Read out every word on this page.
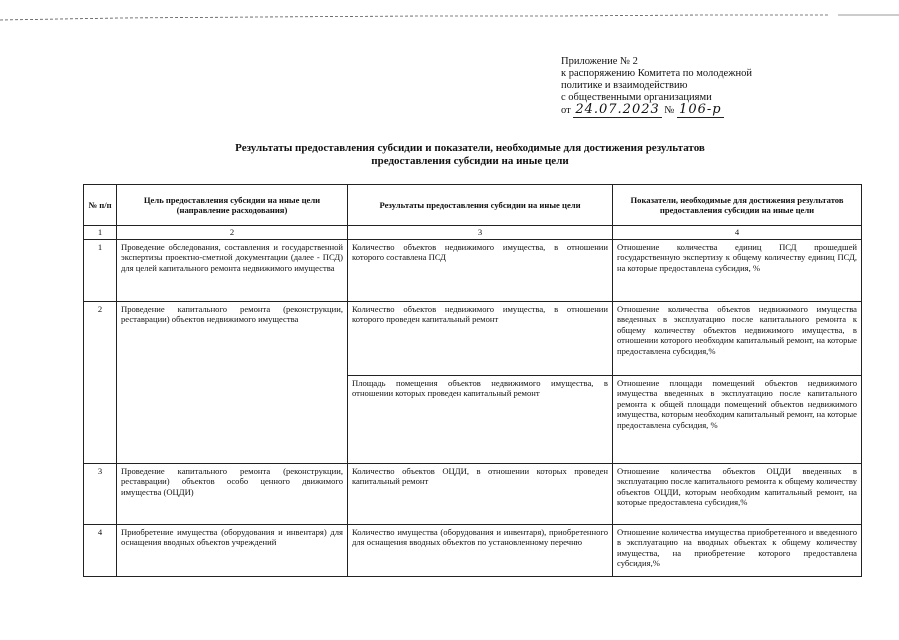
Приложение № 2
к распоряжению Комитета по молодежной
политике и взаимодействию
с общественными организациями
от 24.07.2023 № 106-р
Результаты предоставления субсидии и показатели, необходимые для достижения результатов
предоставления субсидии на иные цели
№ п/п	Цель предоставления субсидии на иные цели (направление расходования)	Результаты предоставления субсидии на иные цели	Показатели, необходимые для достижения результатов предоставления субсидии на иные цели
1	2	3	4
1	Проведение обследования, составления и государственной экспертизы проектно-сметной документации (далее - ПСД) для целей капитального ремонта недвижимого имущества	Количество объектов недвижимого имущества, в отношении которого составлена ПСД	Отношение количества единиц ПСД прошедшей государственную экспертизу к общему количеству единиц ПСД, на которые предоставлена субсидия, %
2	Проведение капитального ремонта (реконструкции, реставрации) объектов недвижимого имущества	Количество объектов недвижимого имущества, в отношении которого проведен капитальный ремонт	Отношение количества объектов недвижимого имущества введенных в эксплуатацию после капитального ремонта к общему количеству объектов недвижимого имущества, в отношении которого необходим капитальный ремонт, на которые предоставлена субсидия,%
		Площадь помещения объектов недвижимого имущества, в отношении которых проведен капитальный ремонт	Отношение площади помещений объектов недвижимого имущества введенных в эксплуатацию после капитального ремонта к общей площади помещений объектов недвижимого имущества, которым необходим капитальный ремонт, на которые предоставлена субсидия, %
3	Проведение капитального ремонта (реконструкции, реставрации) объектов особо ценного движимого имущества (ОЦДИ)	Количество объектов ОЦДИ, в отношении которых проведен капитальный ремонт	Отношение количества объектов ОЦДИ введенных в эксплуатацию после капитального ремонта к общему количеству объектов ОЦДИ, которым необходим капитальный ремонт, на которые предоставлена субсидия,%
4	Приобретение имущества (оборудования и инвентаря) для оснащения вводных объектов учреждений	Количество имущества (оборудования и инвентаря), приобретенного для оснащения вводных объектов по установленному перечню	Отношение количества имущества приобретенного и введенного в эксплуатацию на вводных объектах к общему количеству имущества, на приобретение которого предоставлена субсидия,%
